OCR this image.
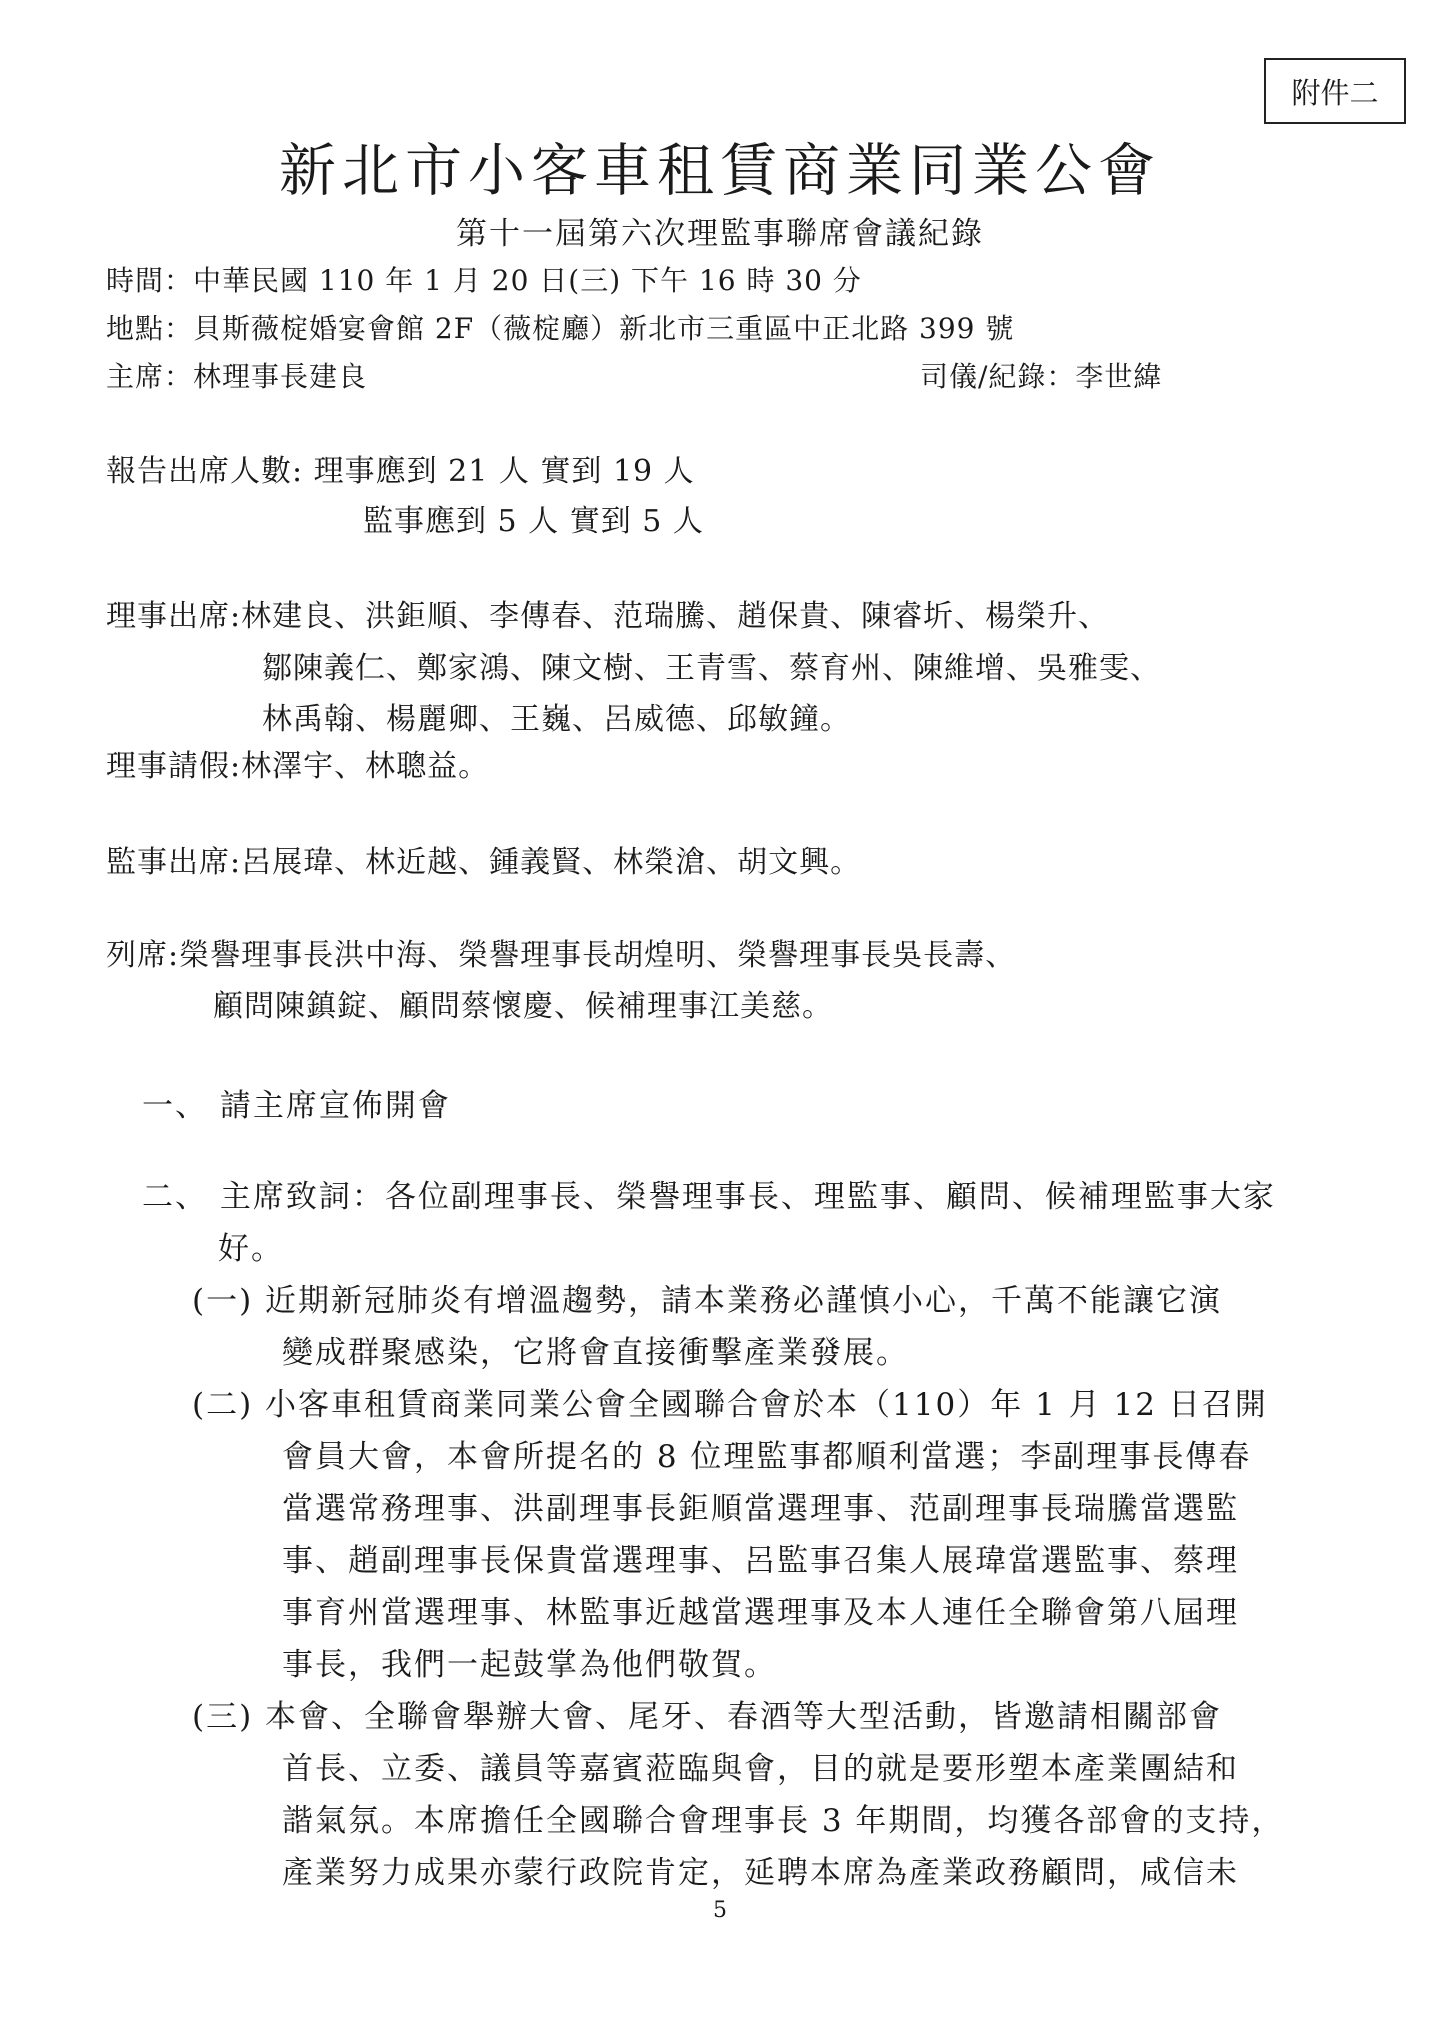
附件二
新北市小客車租賃商業同業公會
第十一屆第六次理監事聯席會議紀錄
時間：中華民國 110 年 1 月 20 日(三) 下午 16 時 30 分
地點：貝斯薇椗婚宴會館 2F（薇椗廳）新北市三重區中正北路 399 號
主席：林理事長建良	司儀/紀錄：李世緯
報告出席人數: 理事應到 21 人 實到 19 人
監事應到 5 人 實到 5 人
理事出席:林建良、洪鉅順、李傳春、范瑞騰、趙保貴、陳睿圻、楊榮升、
鄒陳義仁、鄭家鴻、陳文樹、王青雪、蔡育州、陳維增、吳雅雯、
林禹翰、楊麗卿、王巍、呂威德、邱敏鐘。
理事請假:林澤宇、林聰益。
監事出席:呂展瑋、林近越、鍾義賢、林榮滄、胡文興。
列席:榮譽理事長洪中海、榮譽理事長胡煌明、榮譽理事長吳長壽、
顧問陳鎮錠、顧問蔡懷慶、候補理事江美慈。
一、 請主席宣佈開會
二、 主席致詞：各位副理事長、榮譽理事長、理監事、顧問、候補理監事大家
好。
(一) 近期新冠肺炎有增溫趨勢，請本業務必謹慎小心，千萬不能讓它演
變成群聚感染，它將會直接衝擊產業發展。
(二) 小客車租賃商業同業公會全國聯合會於本（110）年 1 月 12 日召開
會員大會，本會所提名的 8 位理監事都順利當選；李副理事長傳春
當選常務理事、洪副理事長鉅順當選理事、范副理事長瑞騰當選監
事、趙副理事長保貴當選理事、呂監事召集人展瑋當選監事、蔡理
事育州當選理事、林監事近越當選理事及本人連任全聯會第八屆理
事長，我們一起鼓掌為他們敬賀。
(三) 本會、全聯會舉辦大會、尾牙、春酒等大型活動，皆邀請相關部會
首長、立委、議員等嘉賓蒞臨與會，目的就是要形塑本產業團結和
諧氣氛。本席擔任全國聯合會理事長 3 年期間，均獲各部會的支持，
產業努力成果亦蒙行政院肯定，延聘本席為產業政務顧問，咸信未
5
